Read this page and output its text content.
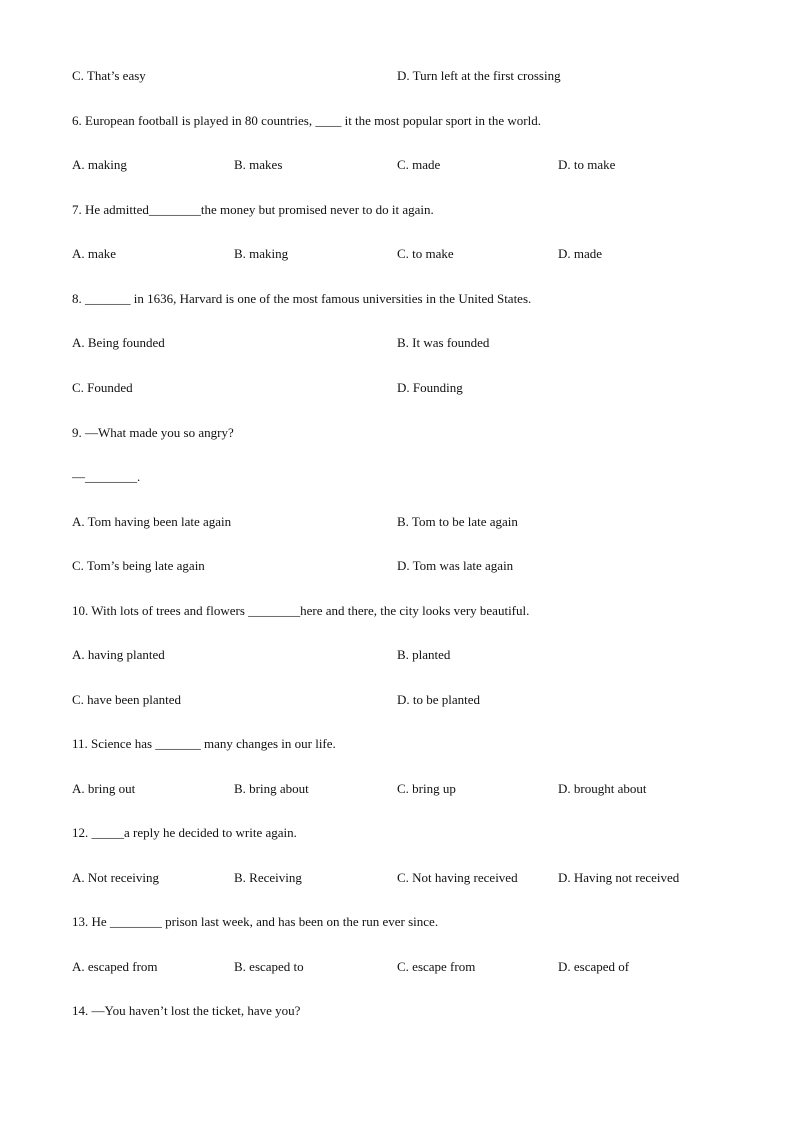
C. That’s easy	D. Turn left at the first crossing
6. European football is played in 80 countries, ____ it the most popular sport in the world.
A. making	B. makes	C. made	D. to make
7. He admitted________the money but promised never to do it again.
A. make	B. making	C. to make	D. made
8. _______ in 1636, Harvard is one of the most famous universities in the United States.
A. Being founded	B. It was founded
C. Founded	D. Founding
9. —What made you so angry?
—________.
A. Tom having been late again	B. Tom to be late again
C. Tom’s being late again	D. Tom was late again
10. With lots of trees and flowers ________here and there, the city looks very beautiful.
A. having planted	B. planted
C. have been planted	D. to be planted
11. Science has _______ many changes in our life.
A. bring out	B. bring about	C. bring up	D. brought about
12. _____a reply he decided to write again.
A. Not receiving	B. Receiving	C. Not having received	D. Having not received
13. He ________ prison last week, and has been on the run ever since.
A. escaped from	B. escaped to	C. escape from	D. escaped of
14. —You haven’t lost the ticket, have you?
